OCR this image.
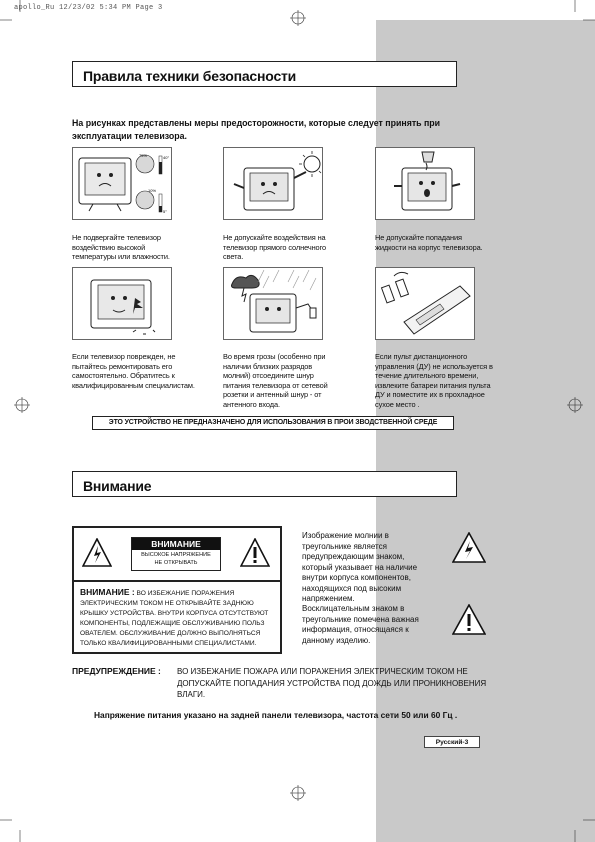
apollo_Ru 12/23/02 5:34 PM Page 3
Правила техники безопасности
На рисунках представлены меры предосторожности, которые следует принять при эксплуатации телевизора.
75%	40°
10%
5°
Не подвергайте телевизор воздействию высокой температуры или влажности.
Не допускайте воздействия на телевизор прямого солнечного света.
Не допускайте попадания жидкости на корпус телевизора.
Если телевизор поврежден, не пытайтесь ремонтировать его самостоятельно. Обратитесь к квалифицированным специалистам.
Во время грозы (особенно при наличии близких разрядов молний) отсоедините шнур питания телевизора от сетевой розетки и антенный шнур - от антенного входа.
Если пульт дистанционного управления (ДУ) не используется в течение длительного времени, извлеките батареи питания пульта ДУ и поместите их в прохладное сухое место .
ЭТО УСТРОЙСТВО НЕ ПРЕДНАЗНАЧЕНО ДЛЯ ИСПОЛЬЗОВАНИЯ В ПРОИ ЗВОДСТВЕННОЙ СРЕДЕ
Внимание
ВНИМАНИЕ
ВЫСОКОЕ НАПРЯЖЕНИЕ
НЕ ОТКРЫВАТЬ
ВНИМАНИЕ : ВО ИЗБЕЖАНИЕ ПОРАЖЕНИЯ ЭЛЕКТРИЧЕСКИМ ТОКОМ НЕ ОТКРЫВАЙТЕ ЗАДНЮЮ КРЫШКУ УСТРОЙСТВА. ВНУТРИ КОРПУСА ОТСУТСТВУЮТ КОМПОНЕНТЫ, ПОДЛЕЖАЩИЕ ОБСЛУЖИВАНИЮ ПОЛЬЗ ОВАТЕЛЕМ. ОБСЛУЖИВАНИЕ ДОЛЖНО ВЫПОЛНЯТЬСЯ ТОЛЬКО КВАЛИФИЦИРОВАННЫМИ СПЕЦИАЛИСТАМИ.
Изображение молнии в треугольнике является предупреждающим знаком, который указывает на наличие внутри корпуса компонентов, находящихся под высоким напряжением.
Восклицательным знаком в треугольнике помечена важная информация, относящаяся к данному изделию.
ПРЕДУПРЕЖДЕНИЕ : ВО ИЗБЕЖАНИЕ ПОЖАРА ИЛИ ПОРАЖЕНИЯ ЭЛЕКТРИЧЕСКИМ ТОКОМ НЕ ДОПУСКАЙТЕ ПОПАДАНИЯ УСТРОЙСТВА ПОД ДОЖДЬ ИЛИ ПРОНИКНОВЕНИЯ ВЛАГИ.
Напряжение питания указано на задней панели телевизора, частота сети 50 или 60 Гц .
Русский-3
